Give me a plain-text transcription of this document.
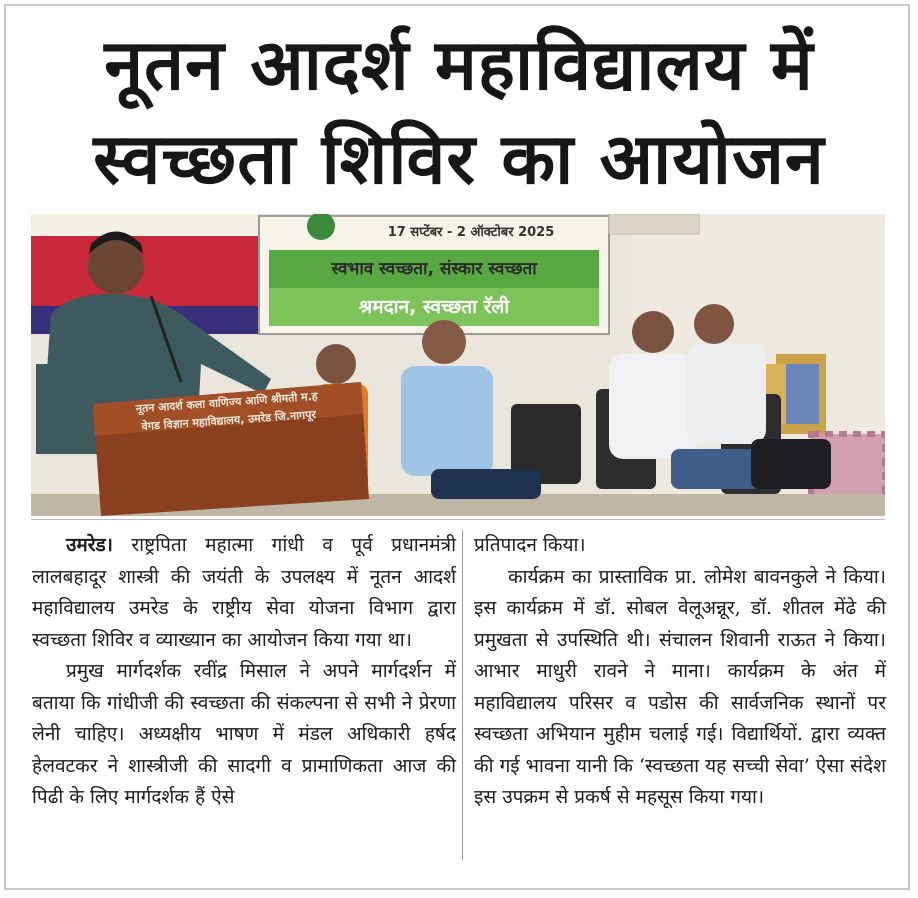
नूतन आदर्श महाविद्यालय में
स्वच्छता शिविर का आयोजन
17 सप्टेंबर - 2 ऑक्टोबर 2025
स्वभाव स्वच्छता, संस्कार स्वच्छता
श्रमदान, स्वच्छता रॅली
नूतन आदर्श कला वाणिज्य आणि श्रीमती म.ह
वेगड विज्ञान महाविद्यालय, उमरेड जि.नागपूर

उमरेड। राष्ट्रपिता महात्मा गांधी व पूर्व प्रधानमंत्री लालबहादूर शास्त्री की जयंती के उपलक्ष्य में नूतन आदर्श महाविद्यालय उमरेड के राष्ट्रीय सेवा योजना विभाग द्वारा स्वच्छता शिविर व व्याख्यान का आयोजन किया गया था।

प्रमुख मार्गदर्शक रवींद्र मिसाल ने अपने मार्गदर्शन में बताया कि गांधीजी की स्वच्छता की संकल्पना से सभी ने प्रेरणा लेनी चाहिए। अध्यक्षीय भाषण में मंडल अधिकारी हर्षद हेलवटकर ने शास्त्रीजी की सादगी व प्रामाणिकता आज की पिढी के लिए मार्गदर्शक हैं ऐसे

प्रतिपादन किया।

कार्यक्रम का प्रास्ताविक प्रा. लोमेश बावनकुले ने किया। इस कार्यक्रम में डॉ. सोबल वेलूअन्नूर, डॉ. शीतल मेंढे की प्रमुखता से उपस्थिति थी। संचालन शिवानी राऊत ने किया। आभार माधुरी रावने ने माना। कार्यक्रम के अंत में महाविद्यालय परिसर व पडोस की सार्वजनिक स्थानों पर स्वच्छता अभियान मुहीम चलाई गई। विद्यार्थियों. द्वारा व्यक्त की गई भावना यानी कि ‘स्वच्छता यह सच्ची सेवा’ ऐसा संदेश इस उपक्रम से प्रकर्ष से महसूस किया गया।
